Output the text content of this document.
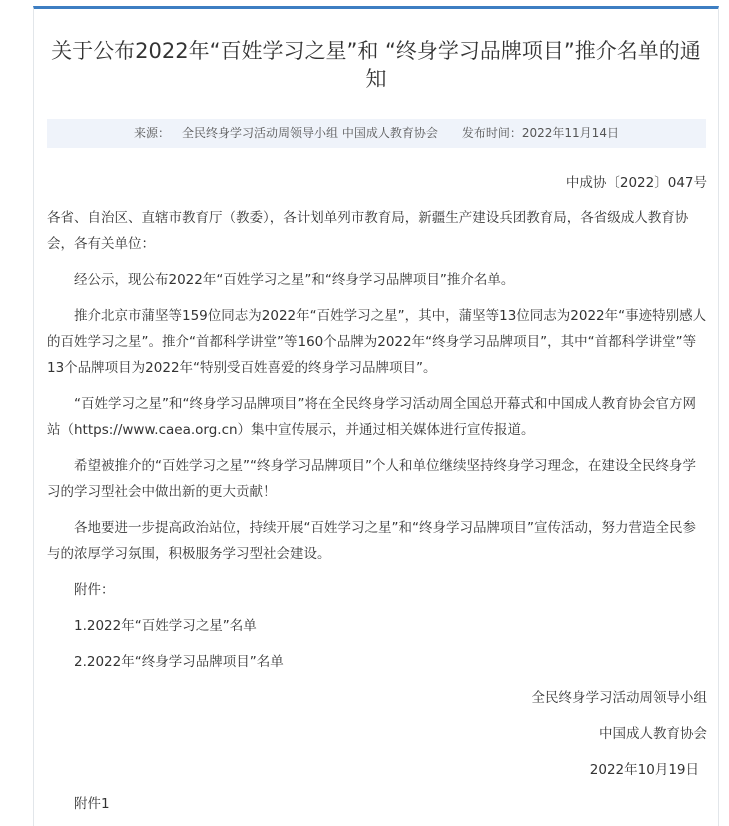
关于公布2022年“百姓学习之星”和 “终身学习品牌项目”推介名单的通知
来源： 全民终身学习活动周领导小组 中国成人教育协会 发布时间：2022年11月14日
中成协〔2022〕047号
各省、自治区、直辖市教育厅（教委），各计划单列市教育局，新疆生产建设兵团教育局，各省级成人教育协会，各有关单位：
经公示，现公布2022年“百姓学习之星”和“终身学习品牌项目”推介名单。
推介北京市蒲坚等159位同志为2022年“百姓学习之星”，其中，蒲坚等13位同志为2022年“事迹特别感人的百姓学习之星”。推介“首都科学讲堂”等160个品牌为2022年“终身学习品牌项目”，其中“首都科学讲堂”等13个品牌项目为2022年“特别受百姓喜爱的终身学习品牌项目”。
“百姓学习之星”和“终身学习品牌项目”将在全民终身学习活动周全国总开幕式和中国成人教育协会官方网站（https://www.caea.org.cn）集中宣传展示，并通过相关媒体进行宣传报道。
希望被推介的“百姓学习之星”“终身学习品牌项目”个人和单位继续坚持终身学习理念，在建设全民终身学习的学习型社会中做出新的更大贡献！
各地要进一步提高政治站位，持续开展“百姓学习之星”和“终身学习品牌项目”宣传活动，努力营造全民参与的浓厚学习氛围，积极服务学习型社会建设。
附件：
1.2022年“百姓学习之星”名单
2.2022年“终身学习品牌项目”名单
全民终身学习活动周领导小组
中国成人教育协会
2022年10月19日
附件1
